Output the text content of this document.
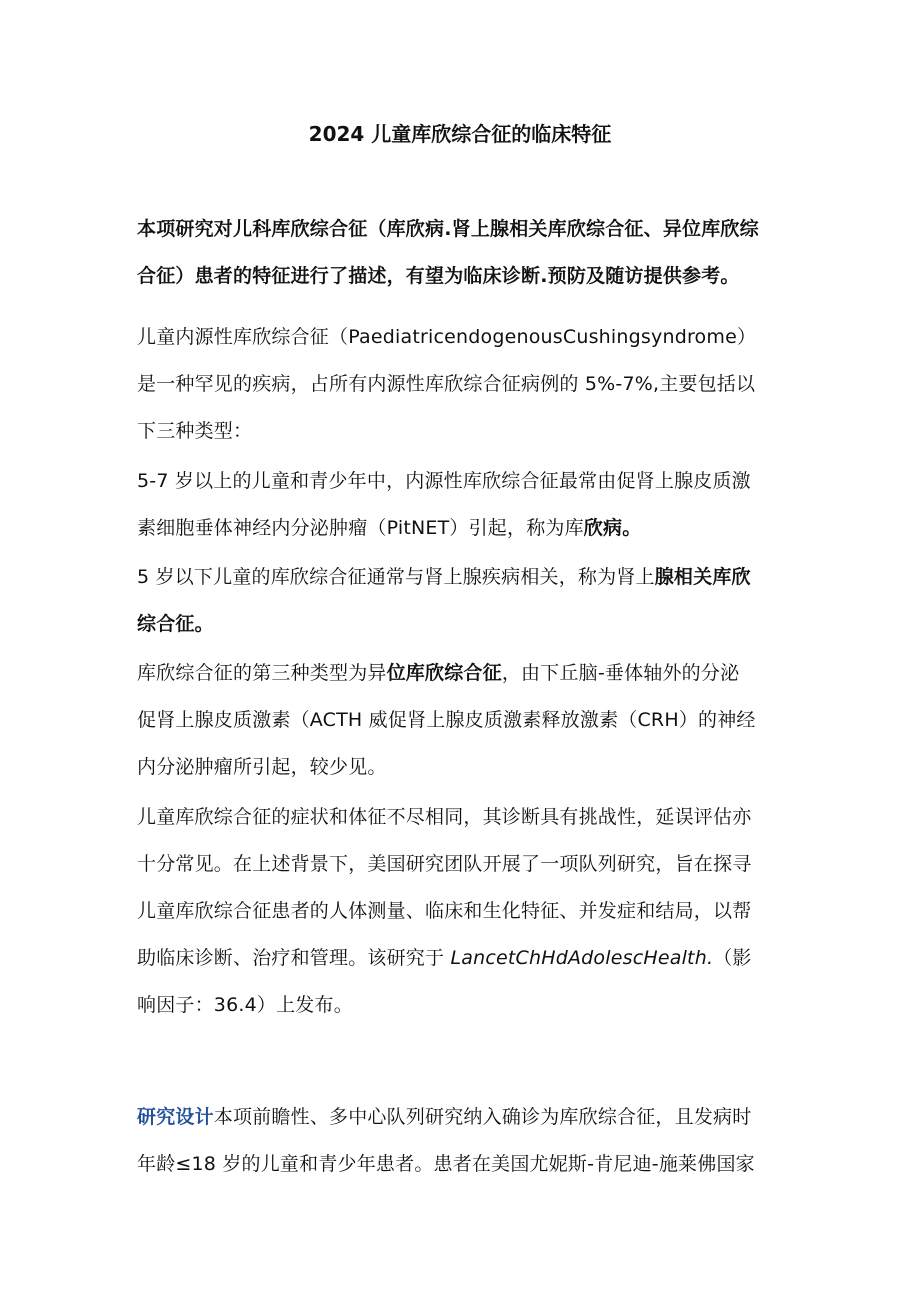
2024 儿童库欣综合征的临床特征

本项研究对儿科库欣综合征（库欣病.肾上腺相关库欣综合征、异位库欣综
合征）患者的特征进行了描述，有望为临床诊断.预防及随访提供参考。

儿童内源性库欣综合征（PaediatricendogenousCushingsyndrome）
是一种罕见的疾病，占所有内源性库欣综合征病例的 5%-7%,主要包括以
下三种类型：

5-7 岁以上的儿童和青少年中，内源性库欣综合征最常由促肾上腺皮质激
素细胞垂体神经内分泌肿瘤（PitNET）引起，称为库欣病。

5 岁以下儿童的库欣综合征通常与肾上腺疾病相关，称为肾上腺相关库欣
综合征。

库欣综合征的第三种类型为异位库欣综合征，由下丘脑-垂体轴外的分泌
促肾上腺皮质激素（ACTH 威促肾上腺皮质激素释放激素（CRH）的神经
内分泌肿瘤所引起，较少见。

儿童库欣综合征的症状和体征不尽相同，其诊断具有挑战性，延误评估亦
十分常见。在上述背景下，美国研究团队开展了一项队列研究，旨在探寻
儿童库欣综合征患者的人体测量、临床和生化特征、并发症和结局，以帮
助临床诊断、治疗和管理。该研究于 LancetChHdAdolescHealth.（影
响因子：36.4）上发布。

研究设计本项前瞻性、多中心队列研究纳入确诊为库欣综合征，且发病时
年龄≤18 岁的儿童和青少年患者。患者在美国尤妮斯-肯尼迪-施莱佛国家
